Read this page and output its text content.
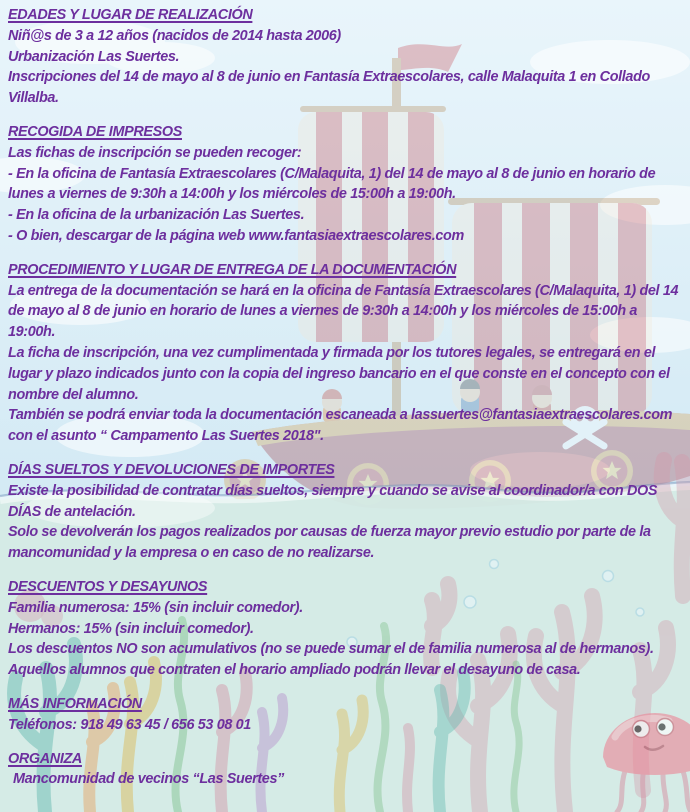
EDADES Y LUGAR DE REALIZACIÓN
Niñ@s de 3 a 12 años (nacidos de 2014 hasta 2006)
Urbanización Las Suertes.
Inscripciones del 14 de mayo al 8 de junio en Fantasía Extraescolares, calle Malaquita 1 en Collado Villalba.
RECOGIDA DE IMPRESOS
Las fichas de inscripción se pueden recoger:
- En la oficina de Fantasía Extraescolares (C/Malaquita, 1) del 14 de mayo al 8 de junio en horario de lunes a viernes de 9:30h a 14:00h y los miércoles de 15:00h a 19:00h.
- En la oficina de la urbanización Las Suertes.
- O bien, descargar de la página web www.fantasiaextraescolares.com
PROCEDIMIENTO Y LUGAR DE ENTREGA DE LA DOCUMENTACIÓN
La entrega de la documentación se hará en la oficina de Fantasía Extraescolares (C/Malaquita, 1) del 14 de mayo al 8 de junio en horario de lunes a viernes de 9:30h a 14:00h y los miércoles de 15:00h a 19:00h.
La ficha de inscripción, una vez cumplimentada y firmada por los tutores legales, se entregará en el lugar y plazo indicados junto con la copia del ingreso bancario en el que conste en el concepto con el nombre del alumno.
También se podrá enviar toda la documentación escaneada a lassuertes@fantasiaextraescolares.com con el asunto “ Campamento Las Suertes 2018".
DÍAS SUELTOS Y DEVOLUCIONES DE IMPORTES
Existe la posibilidad de contratar días sueltos, siempre y cuando se avise al coordinador/a con DOS DÍAS de antelación.
Solo se devolverán los pagos realizados por causas de fuerza mayor previo estudio por parte de la mancomunidad y la empresa o en caso de no realizarse.
DESCUENTOS Y DESAYUNOS
Familia numerosa: 15% (sin incluir comedor).
Hermanos: 15% (sin incluir comedor).
Los descuentos NO son acumulativos (no se puede sumar el de familia numerosa al de hermanos).
Aquellos alumnos que contraten el horario ampliado podrán llevar el desayuno de casa.
MÁS INFORMACIÓN
Teléfonos: 918 49 63 45 / 656 53 08 01
ORGANIZA
Mancomunidad de vecinos “Las Suertes”
